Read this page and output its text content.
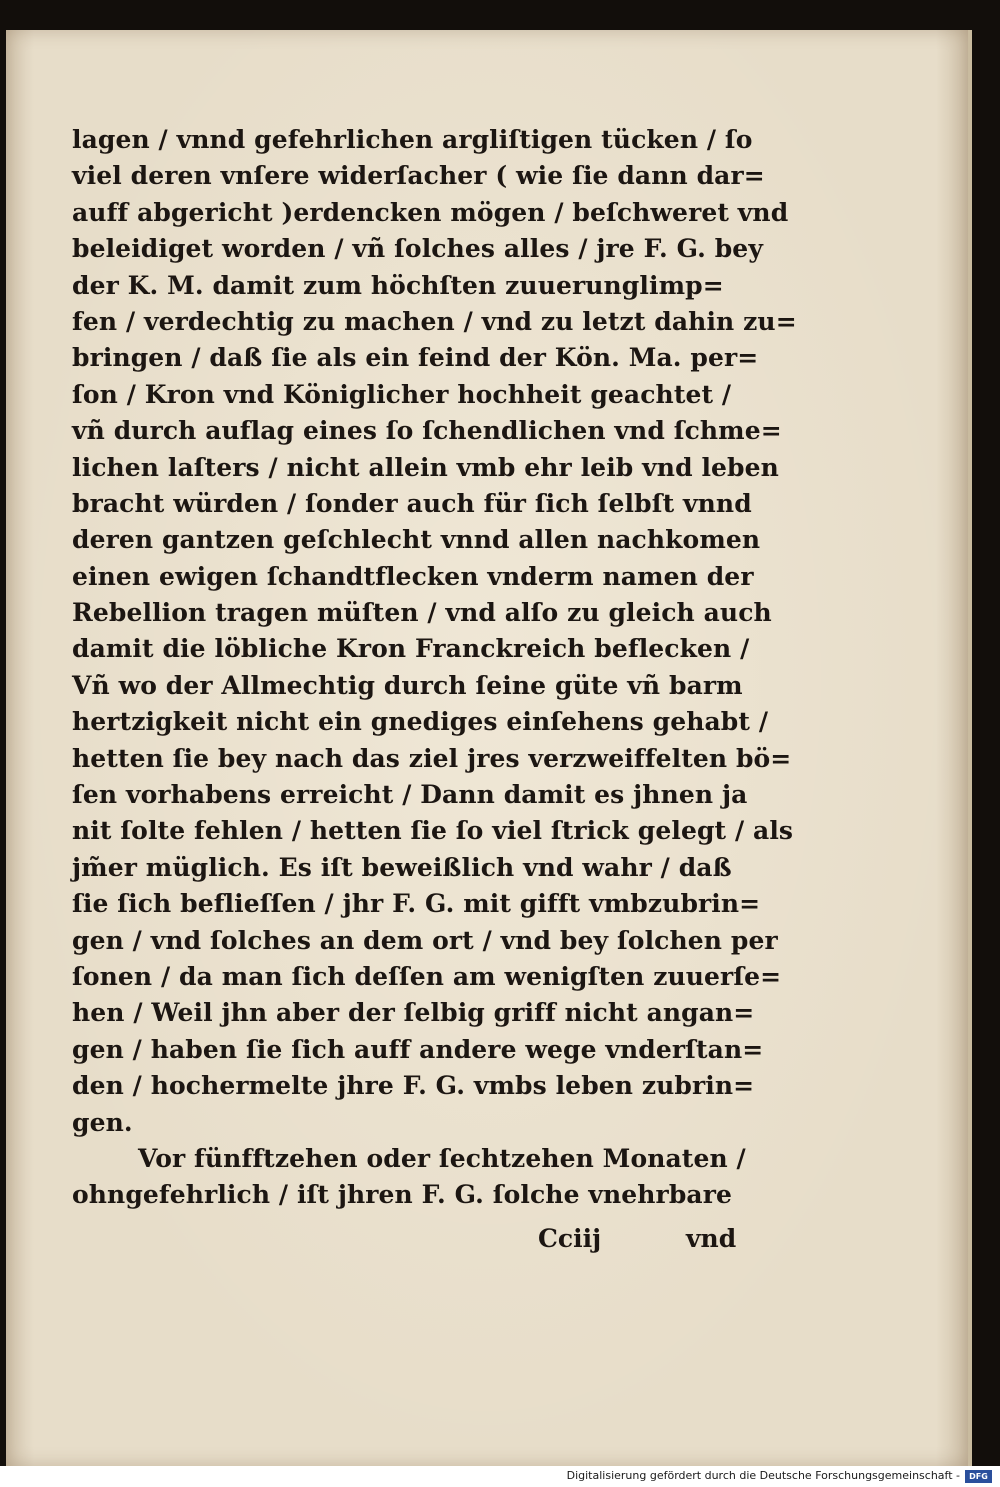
lagen / vnnd gefehrlichen argliſtigen tücken / ſo
viel deren vnſere widerſacher ( wie ſie dann dar=
auff abgericht )erdencken mögen / beſchweret vnd
beleidiget worden / vñ ſolches alles / jre F. G. bey
der K. M. damit zum höchſten zuuerunglimp=
fen / verdechtig zu machen / vnd zu letzt dahin zu=
bringen / daß ſie als ein feind der Kön. Ma. per=
ſon / Kron vnd Königlicher hochheit geachtet /
vñ durch auflag eines ſo ſchendlichen vnd ſchme=
lichen laſters / nicht allein vmb ehr leib vnd leben
bracht würden / ſonder auch für ſich ſelbſt vnnd
deren gantzen geſchlecht vnnd allen nachkomen
einen ewigen ſchandtflecken vnderm namen der
Rebellion tragen müſten / vnd alſo zu gleich auch
damit die löbliche Kron Franckreich beflecken /
Vñ wo der Allmechtig durch ſeine güte vñ barm
hertzigkeit nicht ein gnediges einſehens gehabt /
hetten ſie bey nach das ziel jres verzweiffelten bö=
ſen vorhabens erreicht / Dann damit es jhnen ja
nit ſolte fehlen / hetten ſie ſo viel ſtrick gelegt / als
jm̃er müglich. Es iſt beweißlich vnd wahr / daß
ſie ſich beflieſſen / jhr F. G. mit gifft vmbzubrin=
gen / vnd ſolches an dem ort / vnd bey ſolchen per
ſonen / da man ſich deſſen am wenigſten zuuerſe=
hen / Weil jhn aber der ſelbig griff nicht angan=
gen / haben ſie ſich auff andere wege vnderſtan=
den / hochermelte jhre F. G. vmbs leben zubrin=
gen.
Vor fünfftzehen oder ſechtzehen Monaten /
ohngefehrlich / iſt jhren F. G. ſolche vnehrbare
Cciij	vnd
Digitalisierung gefördert durch die Deutsche Forschungsgemeinschaft -	DFG
